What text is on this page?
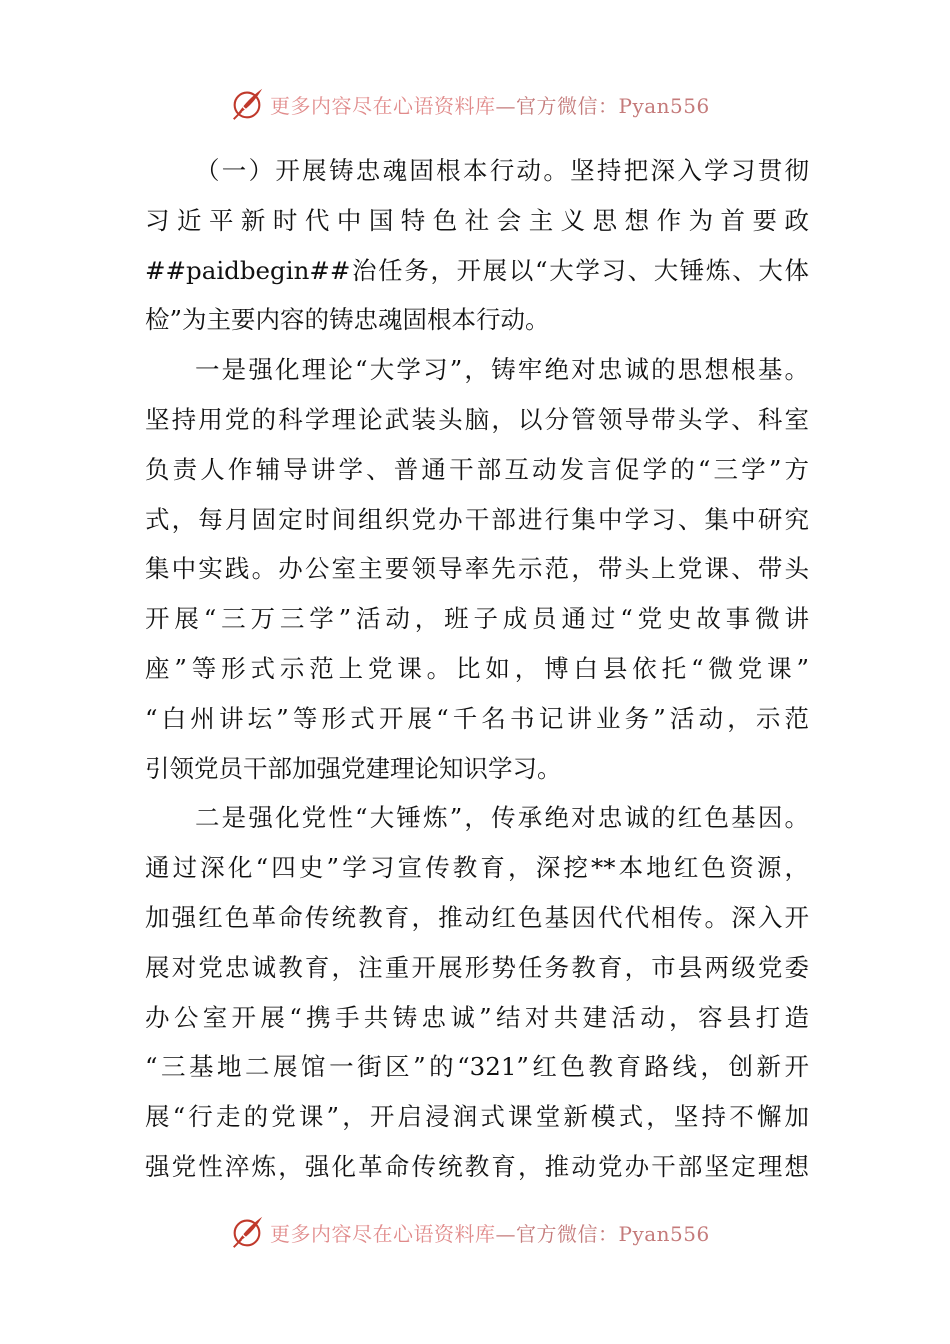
更多内容尽在心语资料库—官方微信：Pyan556
（一）开展铸忠魂固根本行动。坚持把深入学习贯彻
习近平新时代中国特色社会主义思想作为首要政
##paidbegin##治任务，开展以“大学习、大锤炼、大体
检”为主要内容的铸忠魂固根本行动。
一是强化理论“大学习”，铸牢绝对忠诚的思想根基。
坚持用党的科学理论武装头脑，以分管领导带头学、科室
负责人作辅导讲学、普通干部互动发言促学的“三学”方
式，每月固定时间组织党办干部进行集中学习、集中研究
集中实践。办公室主要领导率先示范，带头上党课、带头
开展“三万三学”活动，班子成员通过“党史故事微讲
座”等形式示范上党课。比如，博白县依托“微党课”
“白州讲坛”等形式开展“千名书记讲业务”活动，示范
引领党员干部加强党建理论知识学习。
二是强化党性“大锤炼”，传承绝对忠诚的红色基因。
通过深化“四史”学习宣传教育，深挖**本地红色资源，
加强红色革命传统教育，推动红色基因代代相传。深入开
展对党忠诚教育，注重开展形势任务教育，市县两级党委
办公室开展“携手共铸忠诚”结对共建活动，容县打造
“三基地二展馆一街区”的“321”红色教育路线，创新开
展“行走的党课”，开启浸润式课堂新模式，坚持不懈加
强党性淬炼，强化革命传统教育，推动党办干部坚定理想
更多内容尽在心语资料库—官方微信：Pyan556
